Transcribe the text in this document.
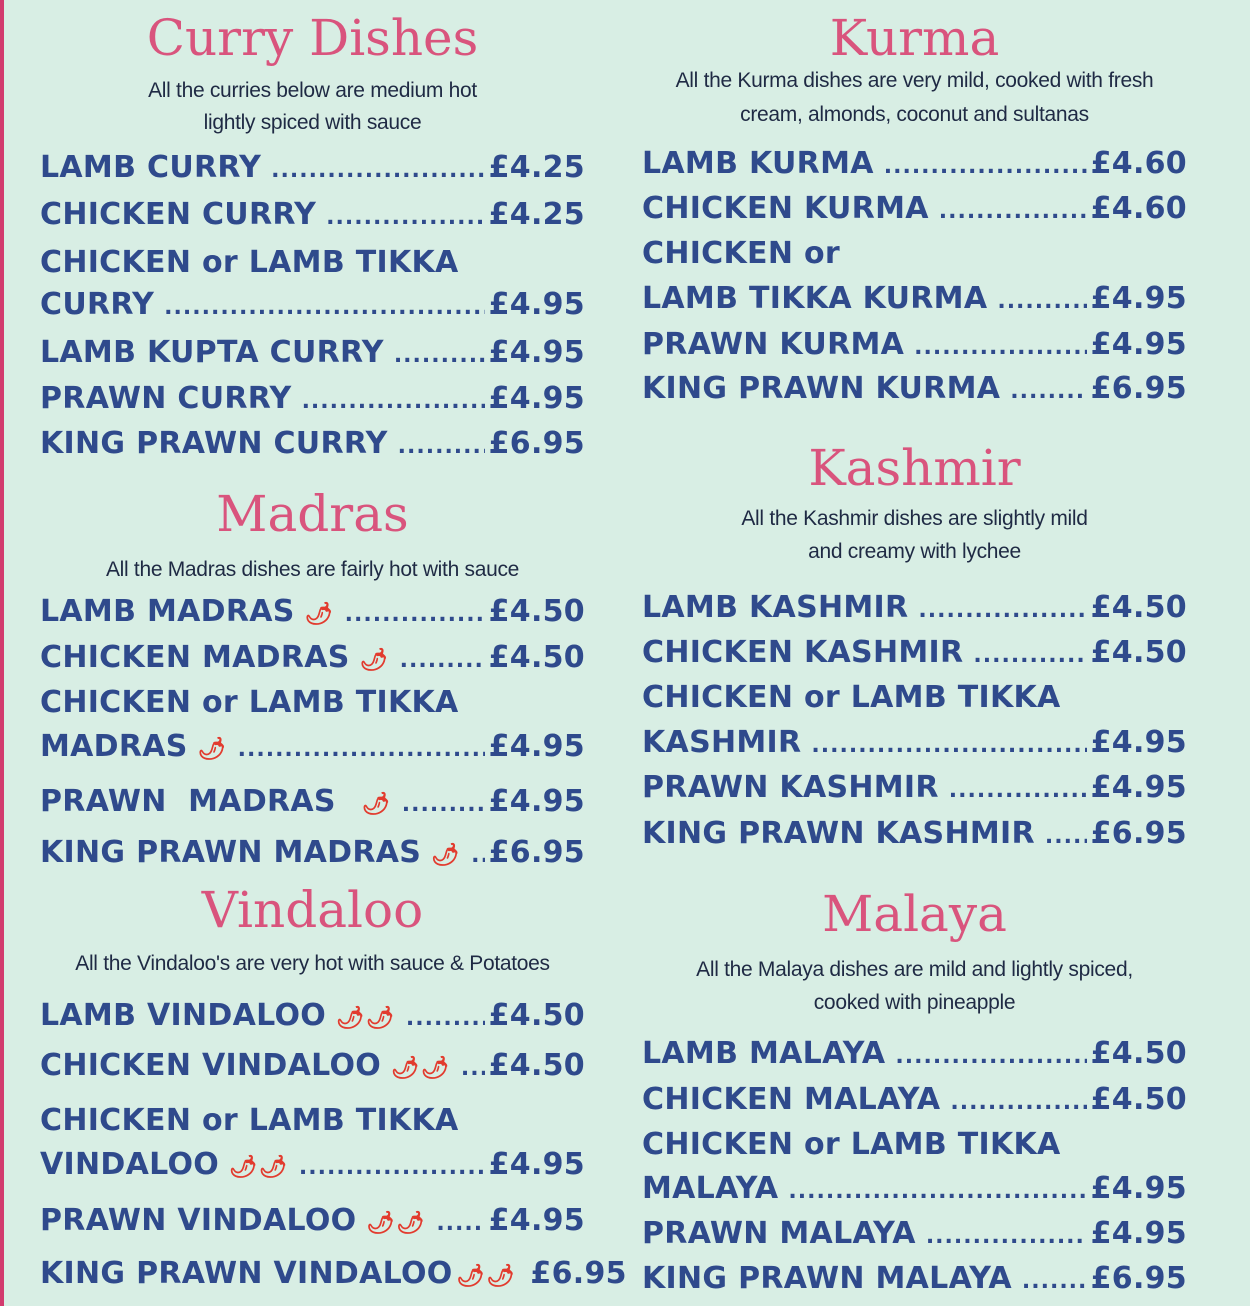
Curry Dishes
All the curries below are medium hot
lightly spiced with sauce
LAMB CURRY .....	£4.25
CHICKEN CURRY .....	£4.25
CHICKEN or LAMB TIKKA
CURRY .....	£4.95
LAMB KUPTA CURRY .....	£4.95
PRAWN CURRY .....	£4.95
KING PRAWN CURRY .....	£6.95
Madras
All the Madras dishes are fairly hot with sauce
LAMB MADRAS 🌶 .....	£4.50
CHICKEN MADRAS 🌶 .....	£4.50
CHICKEN or LAMB TIKKA
MADRAS 🌶 .....	£4.95
PRAWN  MADRAS 🌶 .....	£4.95
KING PRAWN MADRAS 🌶 ..... £6.95
Vindaloo
All the Vindaloo's are very hot with sauce & Potatoes
LAMB VINDALOO 🌶🌶 .....	£4.50
CHICKEN VINDALOO 🌶🌶 ..... £4.50
CHICKEN or LAMB TIKKA
VINDALOO 🌶🌶 .....	£4.95
PRAWN VINDALOO 🌶🌶 ..... £4.95
KING PRAWN VINDALOO 🌶🌶 £6.95
Kurma
All the Kurma dishes are very mild, cooked with fresh
cream, almonds, coconut and sultanas
LAMB KURMA .....	£4.60
CHICKEN KURMA .....	£4.60
CHICKEN or
LAMB TIKKA KURMA .....	£4.95
PRAWN KURMA .....	£4.95
KING PRAWN KURMA .....	£6.95
Kashmir
All the Kashmir dishes are slightly mild
and creamy with lychee
LAMB KASHMIR .....	£4.50
CHICKEN KASHMIR .....	£4.50
CHICKEN or LAMB TIKKA
KASHMIR .....	£4.95
PRAWN KASHMIR .....	£4.95
KING PRAWN KASHMIR ..... £6.95
Malaya
All the Malaya dishes are mild and lightly spiced,
cooked with pineapple
LAMB MALAYA .....	£4.50
CHICKEN MALAYA .....	£4.50
CHICKEN or LAMB TIKKA
MALAYA .....	£4.95
PRAWN MALAYA .....	£4.95
KING PRAWN MALAYA .....	£6.95
